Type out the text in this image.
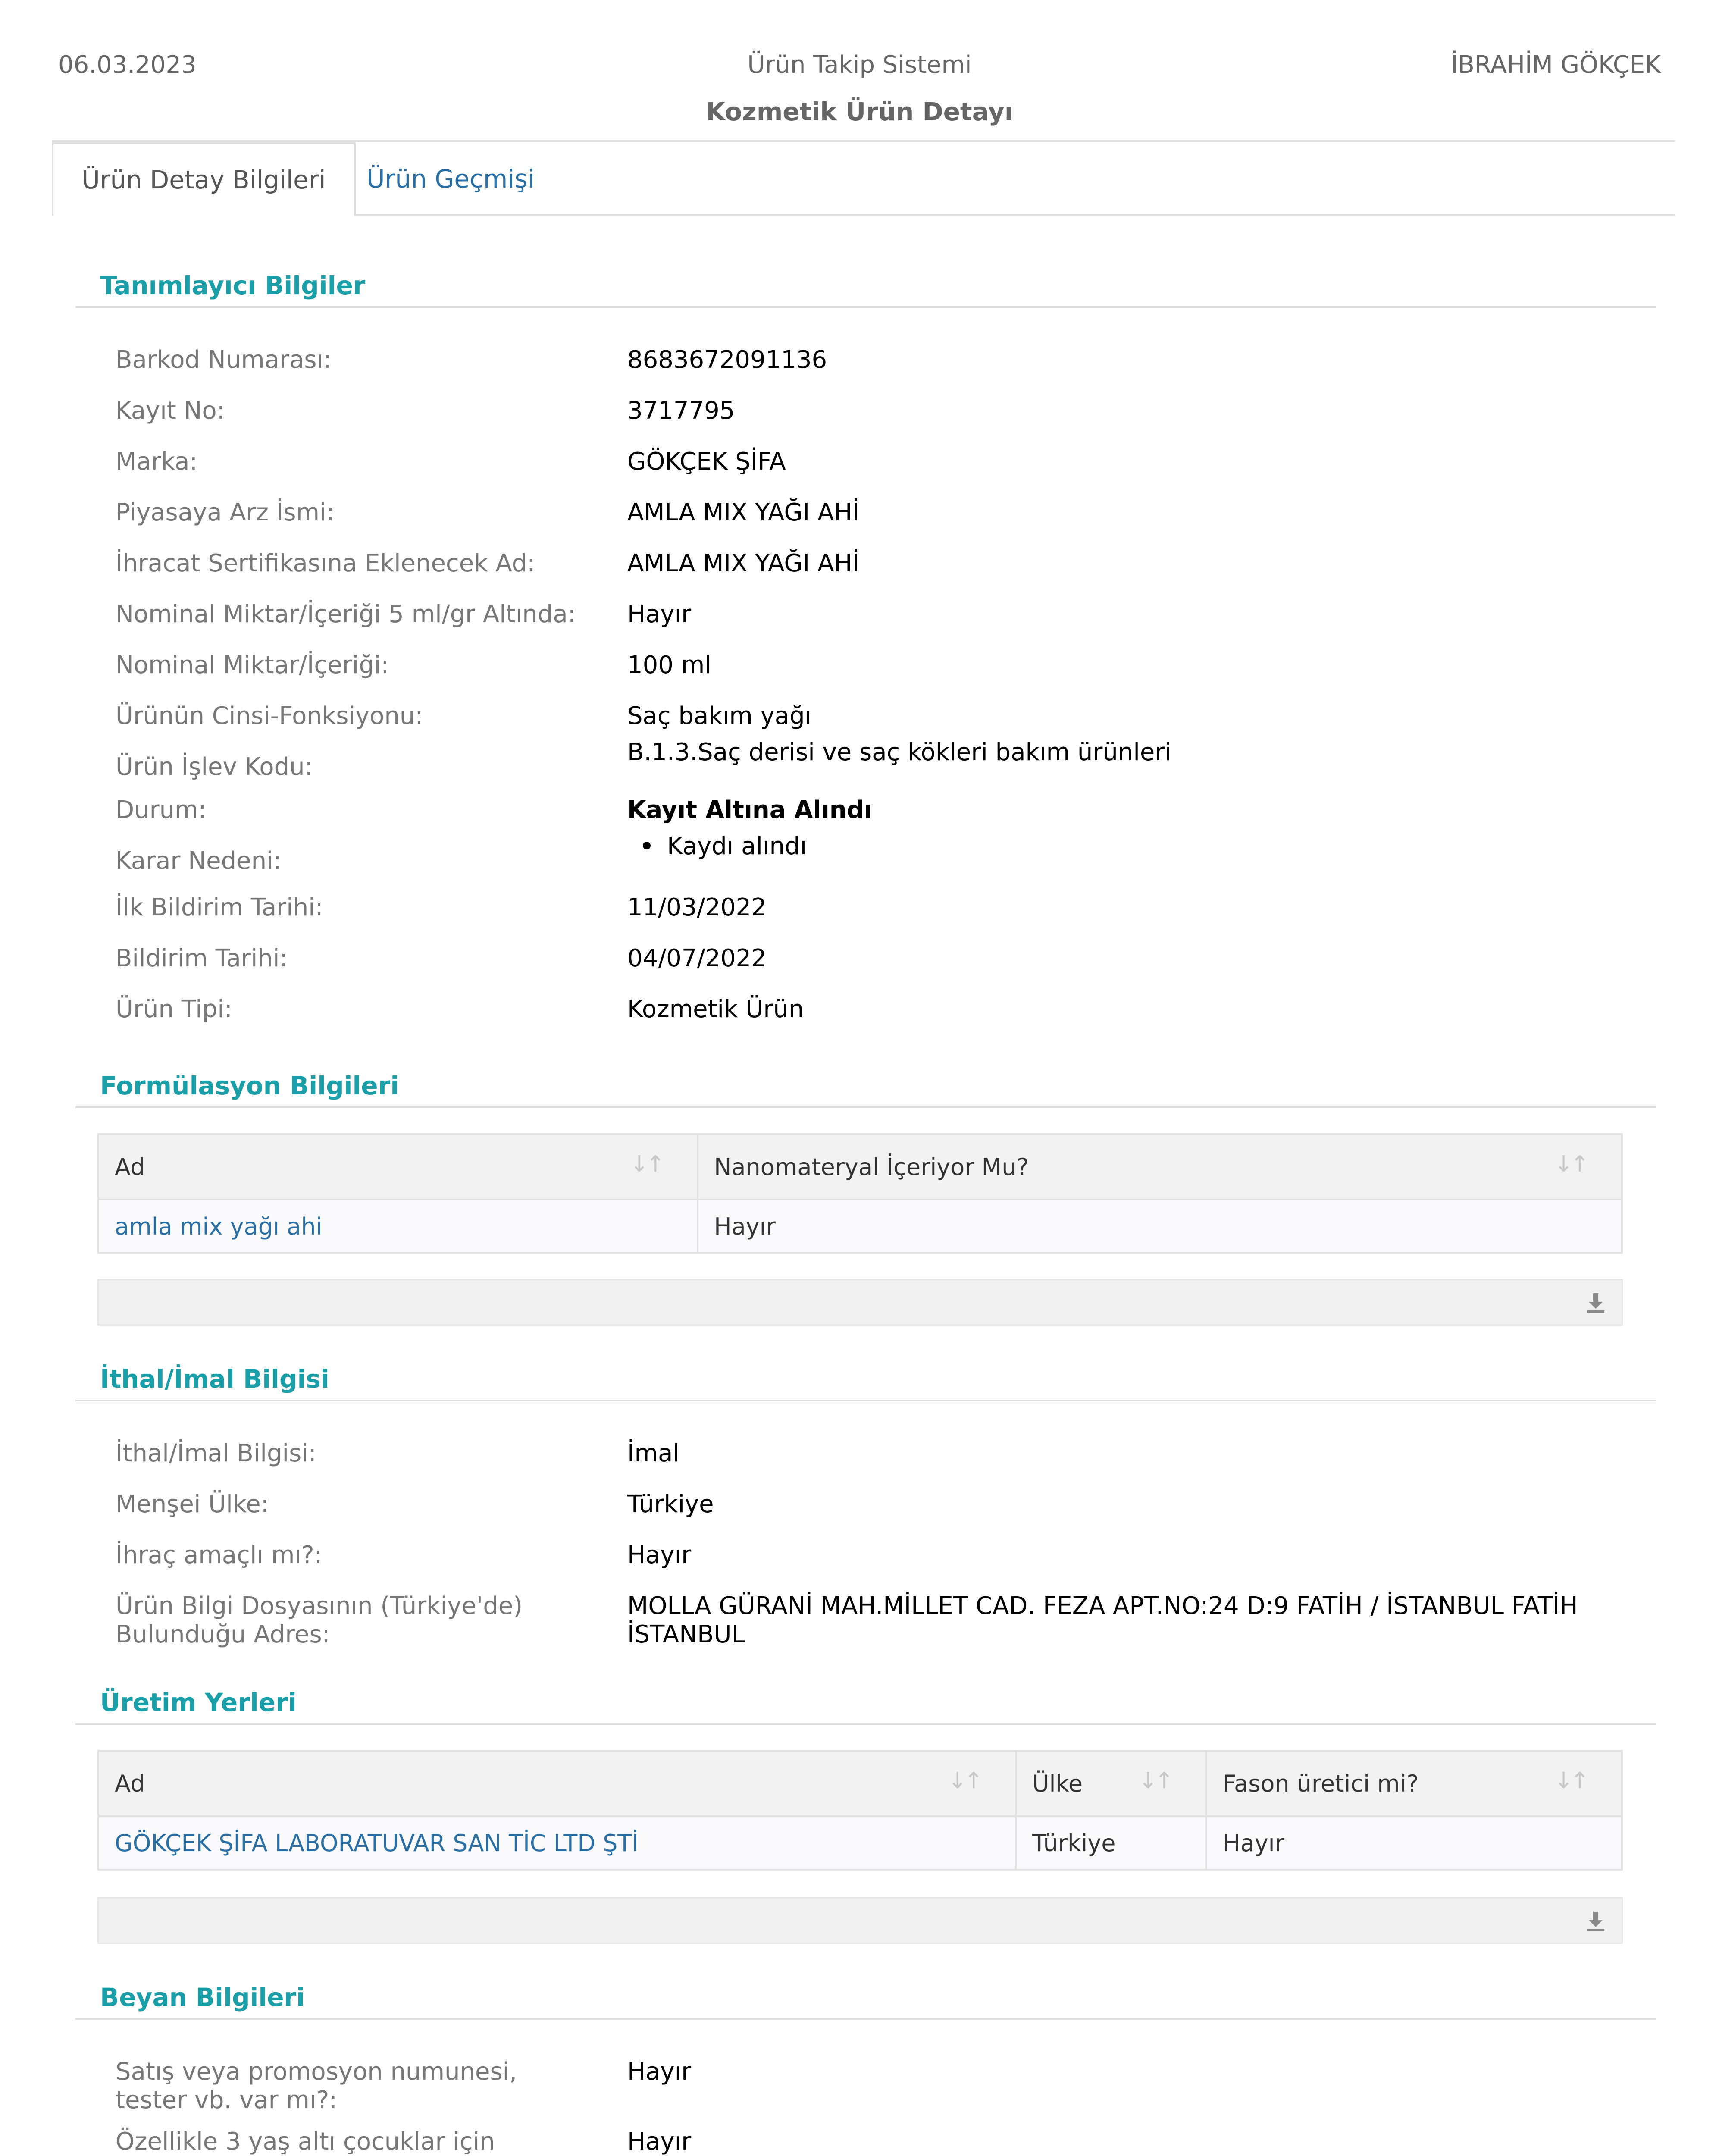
06.03.2023	Ürün Takip Sistemi	İBRAHİM GÖKÇEK
Kozmetik Ürün Detayı
Ürün Detay Bilgileri	Ürün Geçmişi
Tanımlayıcı Bilgiler
Barkod Numarası:	8683672091136
Kayıt No:	3717795
Marka:	GÖKÇEK ŞİFA
Piyasaya Arz İsmi:	AMLA MIX YAĞI AHİ
İhracat Sertifikasına Eklenecek Ad:	AMLA MIX YAĞI AHİ
Nominal Miktar/İçeriği 5 ml/gr Altında:	Hayır
Nominal Miktar/İçeriği:	100 ml
Ürünün Cinsi-Fonksiyonu:	Saç bakım yağı
Ürün İşlev Kodu:
B.1.3.Saç derisi ve saç kökleri bakım ürünleri
Durum:	Kayıt Altına Alındı
Karar Nedeni:
Kaydı alındı
İlk Bildirim Tarihi:	11/03/2022
Bildirim Tarihi:	04/07/2022
Ürün Tipi:	Kozmetik Ürün
Formülasyon Bilgileri
Ad	↓↑ Nanomateryal İçeriyor Mu?	↓↑
amla mix yağı ahi	Hayır
İthal/İmal Bilgisi
İthal/İmal Bilgisi:	İmal
Menşei Ülke:	Türkiye
İhraç amaçlı mı?:	Hayır
Ürün Bilgi Dosyasının (Türkiye'de) Bulunduğu Adres:
MOLLA GÜRANİ MAH.MİLLET CAD. FEZA APT.NO:24 D:9 FATİH / İSTANBUL FATİH İSTANBUL
Üretim Yerleri
Ad	↓↑ Ülke ↓↑ Fason üretici mi?	↓↑
GÖKÇEK ŞİFA LABORATUVAR SAN TİC LTD ŞTİ	Türkiye	Hayır
Beyan Bilgileri
Satış veya promosyon numunesi, tester vb. var mı?:
Hayır
Özellikle 3 yaş altı çocuklar için	Hayır
